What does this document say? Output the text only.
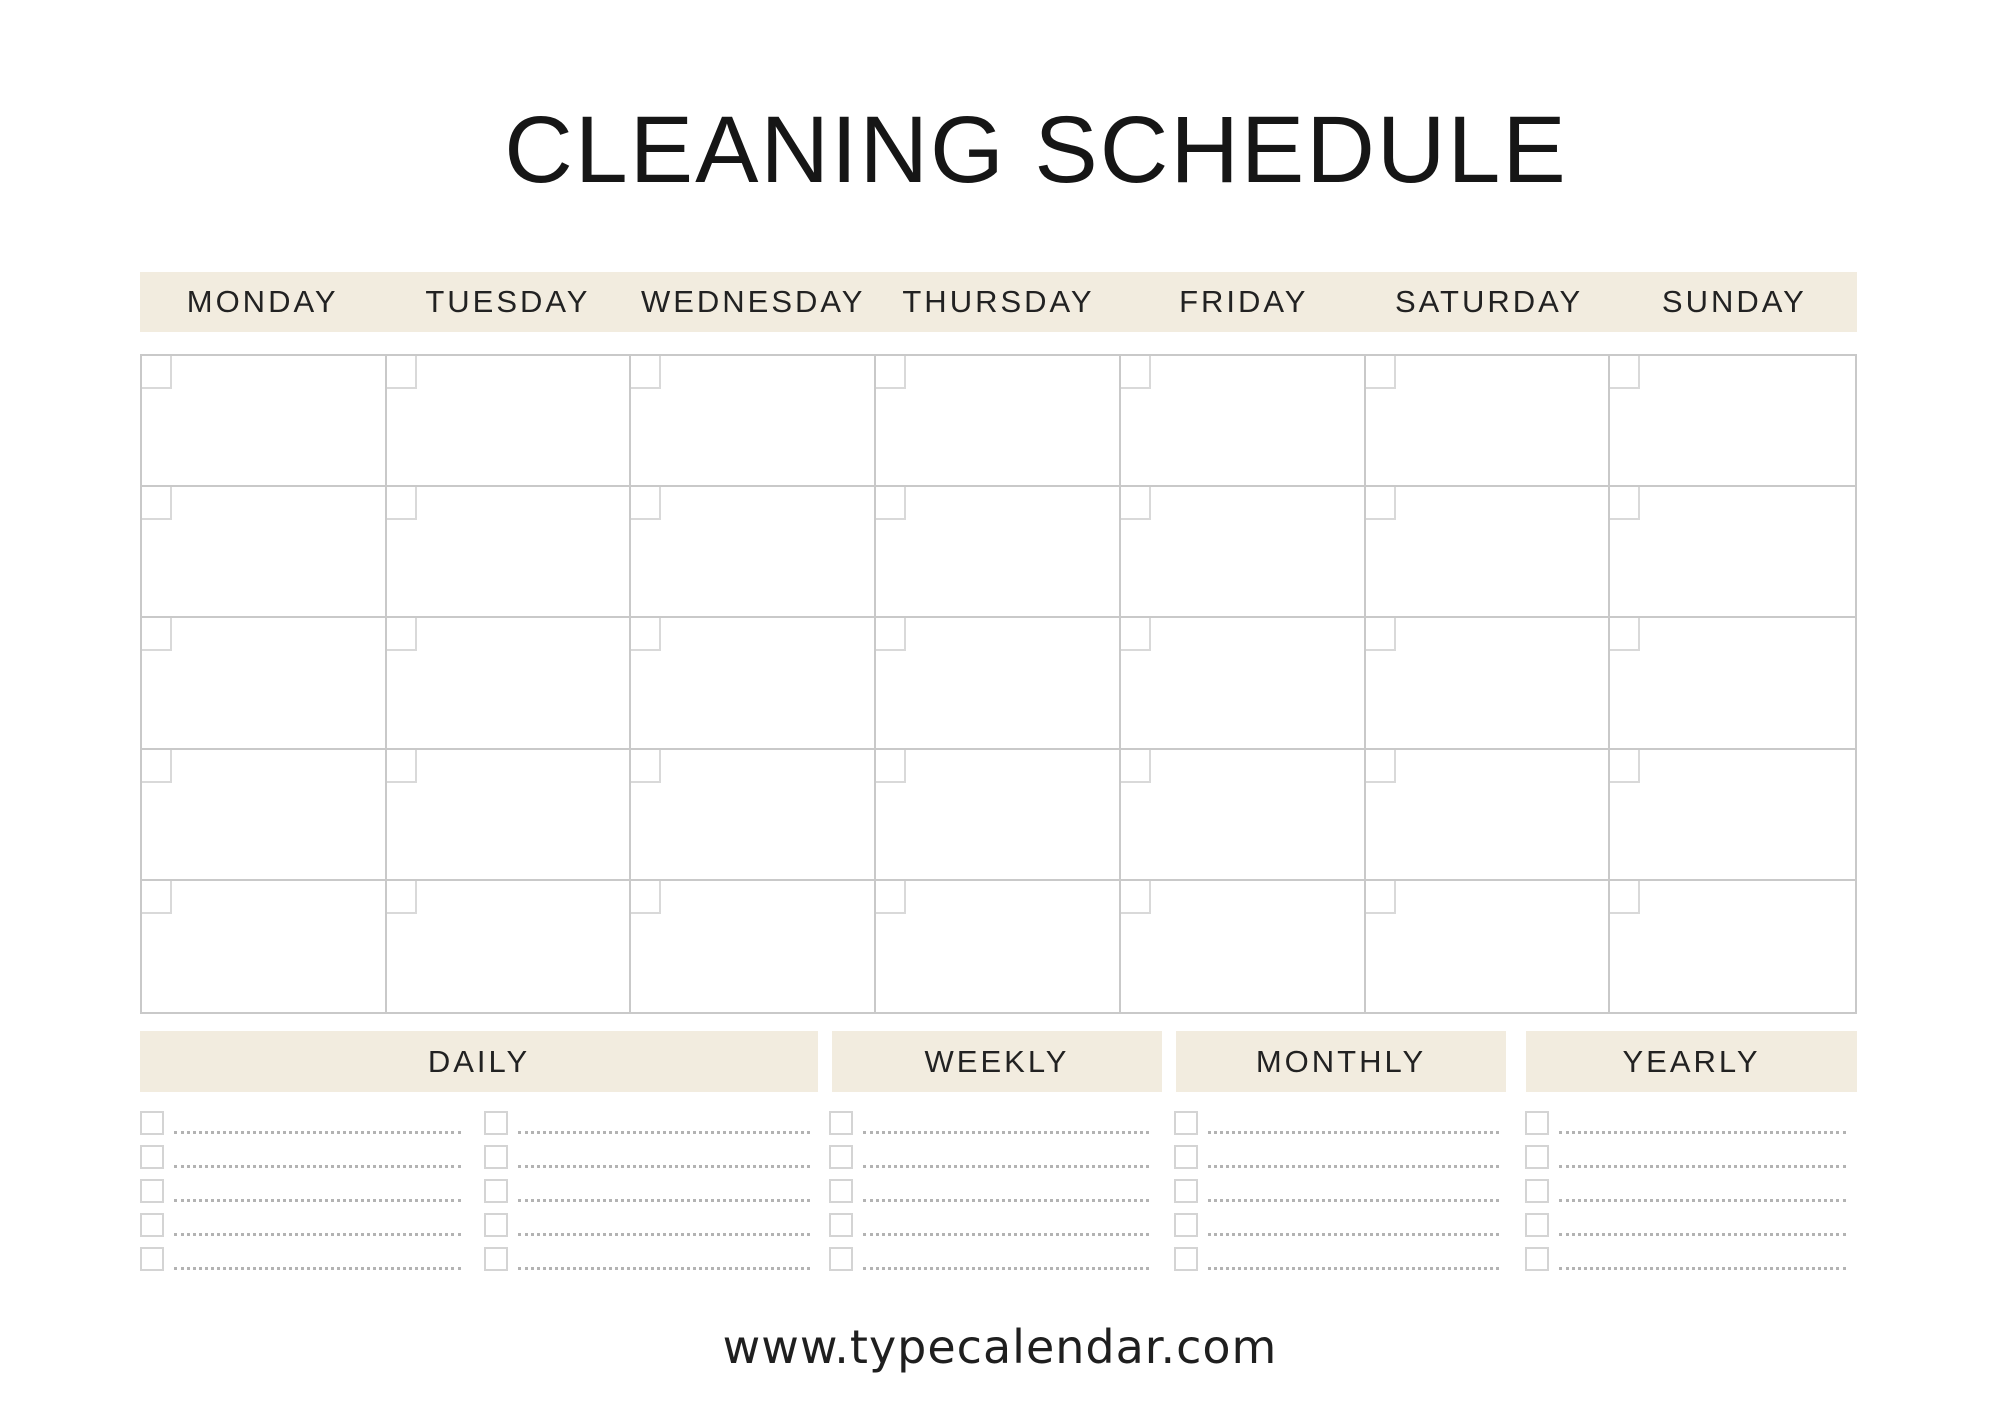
CLEANING SCHEDULE
MONDAY	TUESDAY	WEDNESDAY	THURSDAY	FRIDAY	SATURDAY	SUNDAY
DAILY	WEEKLY	MONTHLY	YEARLY
www.typecalendar.com
